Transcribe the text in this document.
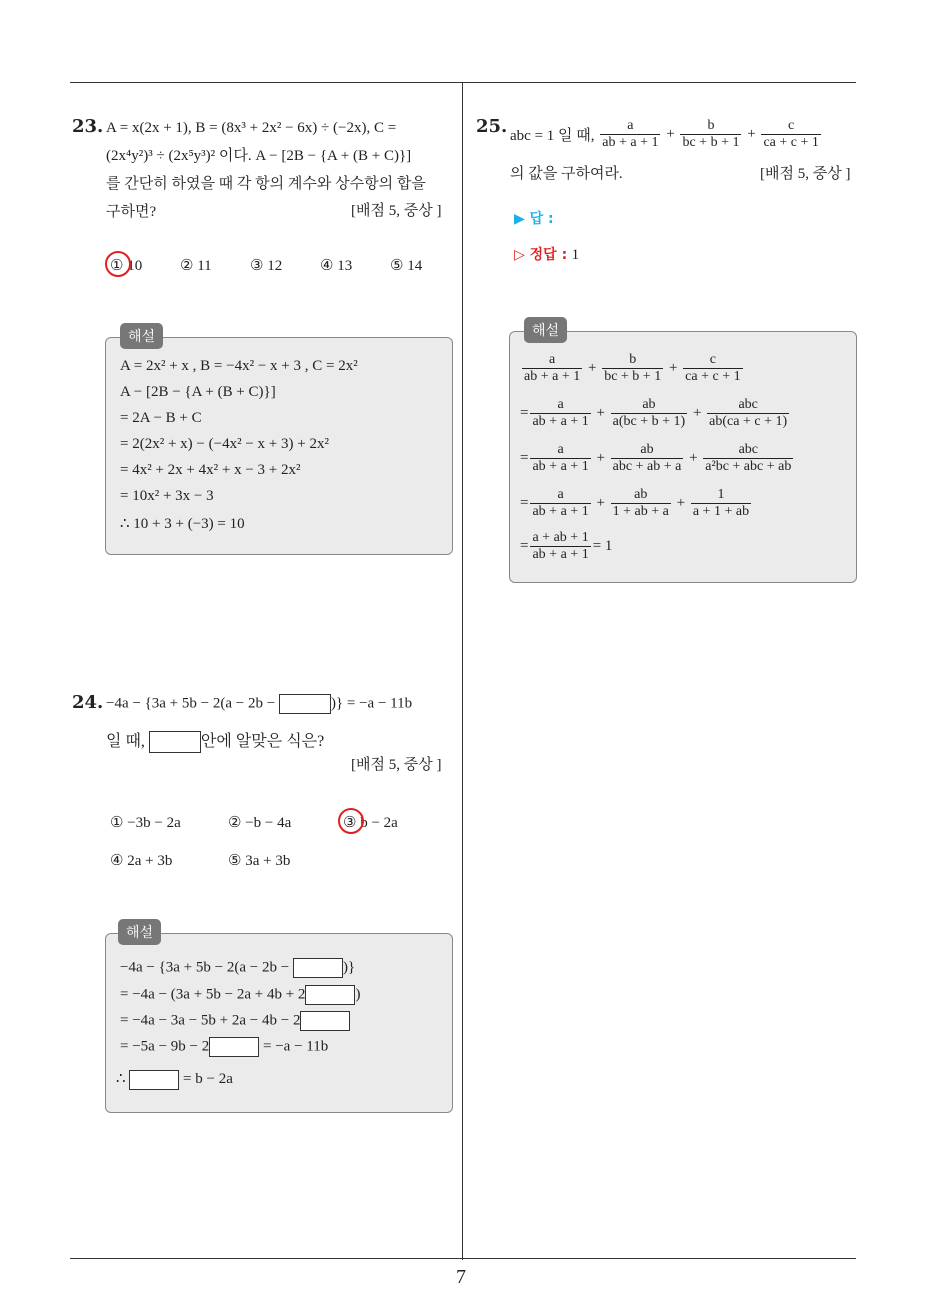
7
23. A = x(2x + 1), B = (8x³ + 2x² − 6x) ÷ (−2x), C =
(2x⁴y²)³ ÷ (2x⁵y³)² 이다. A − [2B − {A + (B + C)}]
를 간단히 하였을 때 각 항의 계수와 상수항의 합을
구하면?	[배점 5, 중상 ]
① 10	② 11	③ 12	④ 13	⑤ 14
해설
A = 2x² + x , B = −4x² − x + 3 , C = 2x²
A − [2B − {A + (B + C)}]
= 2A − B + C
= 2(2x² + x) − (−4x² − x + 3) + 2x²
= 4x² + 2x + 4x² + x − 3 + 2x²
= 10x² + 3x − 3
∴ 10 + 3 + (−3) = 10
24. −4a − {3a + 5b − 2(a − 2b −	)} = −a − 11b
일 때,	안에 알맞은 식은?
[배점 5, 중상 ]
① −3b − 2a	② −b − 4a	③ b − 2a
④ 2a + 3b	⑤ 3a + 3b
해설
−4a − {3a + 5b − 2(a − 2b −	)}
= −4a − (3a + 5b − 2a + 4b + 2	)
= −4a − 3a − 5b + 2a − 4b − 2
= −5a − 9b − 2	= −a − 11b
∴	= b − 2a
25. abc = 1 일 때, $\frac{a}{ab + a + 1} + \frac{b}{bc + b + 1} + \frac{c}{ca + c + 1}$
의 값을 구하여라.	[배점 5, 중상 ]
▶ 답 :
▷ 정답 : 1
해설
$\frac{a}{ab + a + 1} + \frac{b}{bc + b + 1} + \frac{c}{ca + c + 1}$
= $\frac{a}{ab + a + 1} + \frac{ab}{a(bc + b + 1)} + \frac{\text{abc}}{ab(ca + c + 1)}$
= $\frac{a}{ab + a + 1} + \frac{ab}{\text{abc + ab + a}} + \frac{\text{abc}}{\text{a²bc + abc + ab}}$
= $\frac{a}{ab + a + 1} + \frac{ab}{1 + ab + a} + \frac{1}{a + 1 + ab}$
= $\frac{a + ab + 1}{ab + a + 1} = 1$
